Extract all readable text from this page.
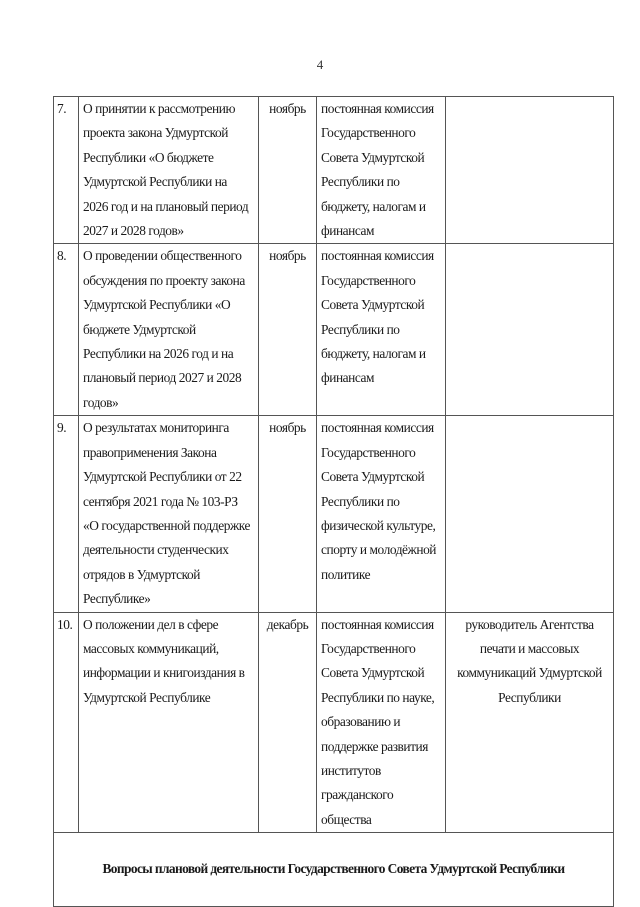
4
7.	О принятии к рассмотрению проекта закона Удмуртской Республики «О бюджете Удмуртской Республики на 2026 год и на плановый период 2027 и 2028 годов»	ноябрь	постоянная комиссия Государственного Совета Удмуртской Республики по бюджету, налогам и финансам	
8.	О проведении общественного обсуждения по проекту закона Удмуртской Республики «О бюджете Удмуртской Республики на 2026 год и на плановый период 2027 и 2028 годов»	ноябрь	постоянная комиссия Государственного Совета Удмуртской Республики по бюджету, налогам и финансам	
9.	О результатах мониторинга правоприменения Закона Удмуртской Республики от 22 сентября 2021 года № 103-РЗ «О государственной поддержке деятельности студенческих отрядов в Удмуртской Республике»	ноябрь	постоянная комиссия Государственного Совета Удмуртской Республики по физической культуре, спорту и молодёжной политике	
10.	О положении дел в сфере массовых коммуникаций, информации и книгоиздания в Удмуртской Республике	декабрь	постоянная комиссия Государственного Совета Удмуртской Республики по науке, образованию и поддержке развития институтов гражданского общества	руководитель Агентства печати и массовых коммуникаций Удмуртской Республики
Вопросы плановой деятельности Государственного Совета Удмуртской Республики				
